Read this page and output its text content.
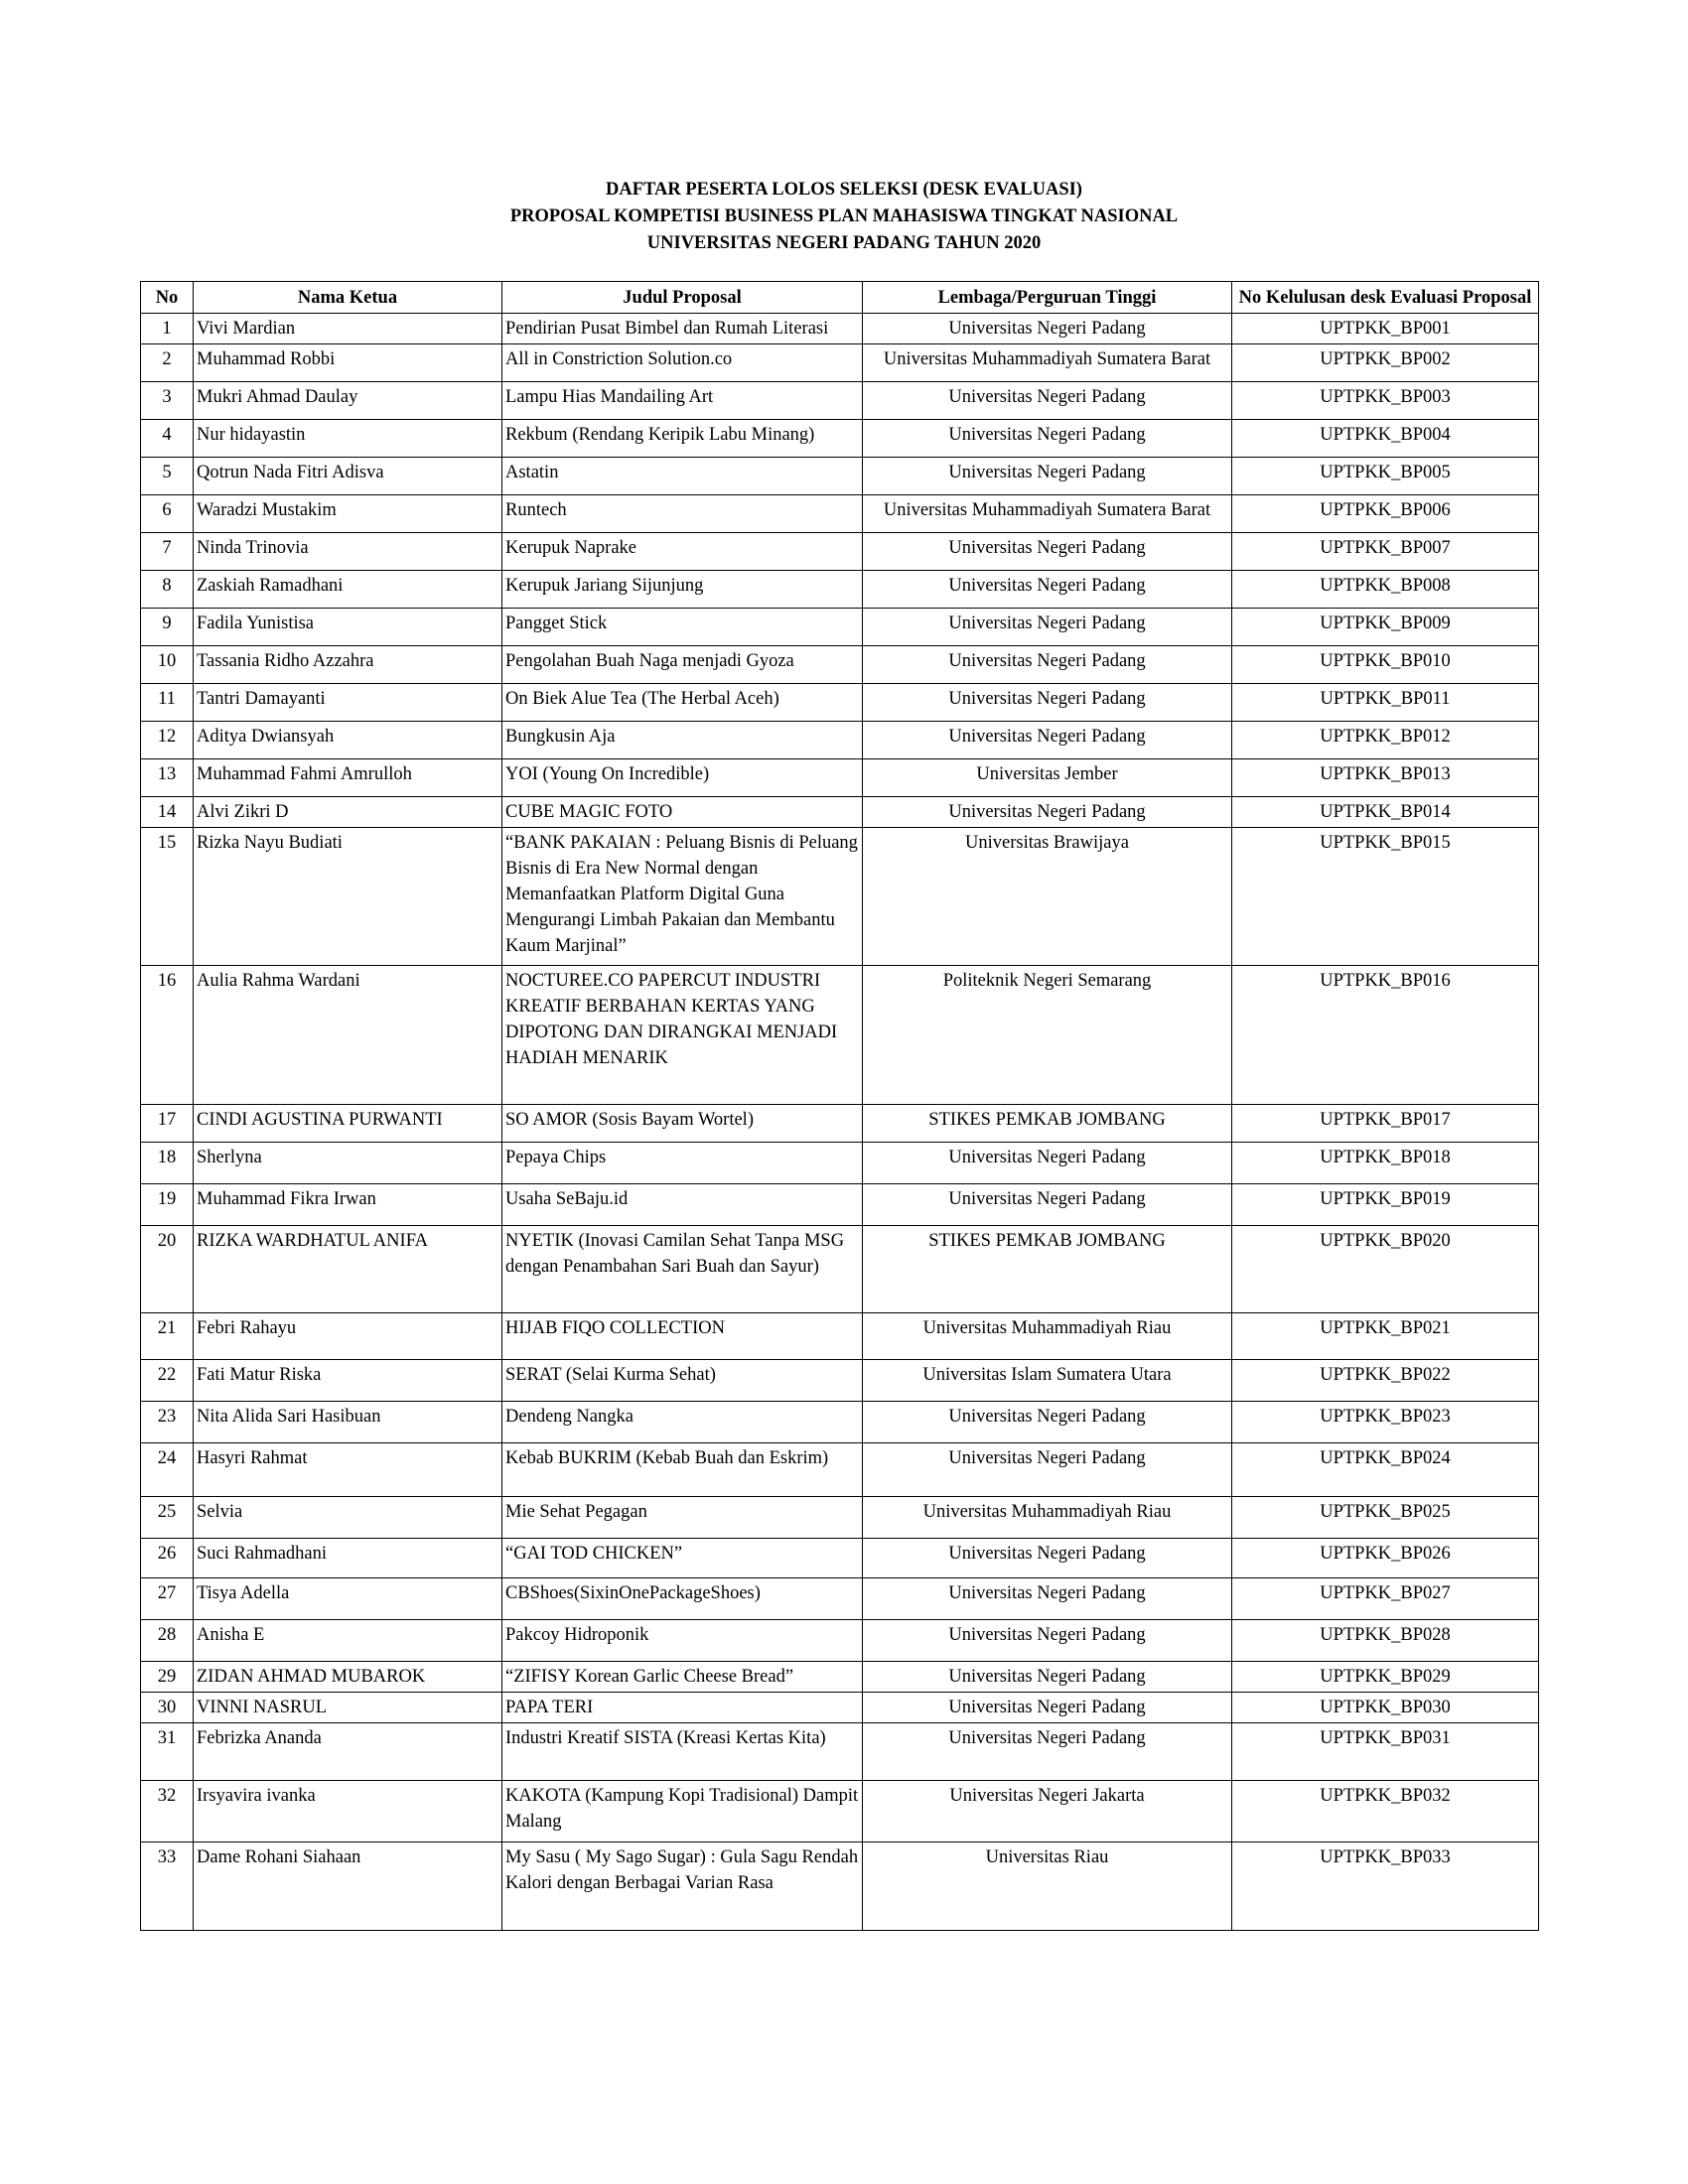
DAFTAR PESERTA LOLOS SELEKSI (DESK EVALUASI)
PROPOSAL KOMPETISI BUSINESS PLAN MAHASISWA TINGKAT NASIONAL
UNIVERSITAS NEGERI PADANG TAHUN 2020
No	Nama Ketua	Judul Proposal	Lembaga/Perguruan Tinggi	No Kelulusan desk Evaluasi Proposal
1	Vivi Mardian	Pendirian Pusat Bimbel dan Rumah Literasi	Universitas Negeri Padang	UPTPKK_BP001
2	Muhammad Robbi	All in Constriction Solution.co	Universitas Muhammadiyah Sumatera Barat	UPTPKK_BP002
3	Mukri Ahmad Daulay	Lampu Hias Mandailing Art	Universitas Negeri Padang	UPTPKK_BP003
4	Nur hidayastin	Rekbum (Rendang Keripik Labu Minang)	Universitas Negeri Padang	UPTPKK_BP004
5	Qotrun Nada Fitri Adisva	Astatin	Universitas Negeri Padang	UPTPKK_BP005
6	Waradzi Mustakim	Runtech	Universitas Muhammadiyah Sumatera Barat	UPTPKK_BP006
7	Ninda Trinovia	Kerupuk Naprake	Universitas Negeri Padang	UPTPKK_BP007
8	Zaskiah Ramadhani	Kerupuk Jariang Sijunjung	Universitas Negeri Padang	UPTPKK_BP008
9	Fadila Yunistisa	Pangget Stick	Universitas Negeri Padang	UPTPKK_BP009
10	Tassania Ridho Azzahra	Pengolahan Buah Naga menjadi Gyoza	Universitas Negeri Padang	UPTPKK_BP010
11	Tantri Damayanti	On Biek Alue Tea (The Herbal Aceh)	Universitas Negeri Padang	UPTPKK_BP011
12	Aditya Dwiansyah	Bungkusin Aja	Universitas Negeri Padang	UPTPKK_BP012
13	Muhammad Fahmi Amrulloh	YOI (Young On Incredible)	Universitas Jember	UPTPKK_BP013
14	Alvi Zikri D	CUBE MAGIC FOTO	Universitas Negeri Padang	UPTPKK_BP014
15	Rizka Nayu Budiati	“BANK PAKAIAN : Peluang Bisnis di Peluang Bisnis di Era New Normal dengan Memanfaatkan Platform Digital Guna Mengurangi Limbah Pakaian dan Membantu Kaum Marjinal”	Universitas Brawijaya	UPTPKK_BP015
16	Aulia Rahma Wardani	NOCTUREE.CO PAPERCUT INDUSTRI KREATIF BERBAHAN KERTAS YANG DIPOTONG DAN DIRANGKAI MENJADI HADIAH MENARIK	Politeknik Negeri Semarang	UPTPKK_BP016
17	CINDI AGUSTINA PURWANTI	SO AMOR (Sosis Bayam Wortel)	STIKES PEMKAB JOMBANG	UPTPKK_BP017
18	Sherlyna	Pepaya Chips	Universitas Negeri Padang	UPTPKK_BP018
19	Muhammad Fikra Irwan	Usaha SeBaju.id	Universitas Negeri Padang	UPTPKK_BP019
20	RIZKA WARDHATUL ANIFA	NYETIK (Inovasi Camilan Sehat Tanpa MSG dengan Penambahan Sari Buah dan Sayur)	STIKES PEMKAB JOMBANG	UPTPKK_BP020
21	Febri Rahayu	HIJAB FIQO COLLECTION	Universitas Muhammadiyah Riau	UPTPKK_BP021
22	Fati Matur Riska	SERAT (Selai Kurma Sehat)	Universitas Islam Sumatera Utara	UPTPKK_BP022
23	Nita Alida Sari Hasibuan	Dendeng Nangka	Universitas Negeri Padang	UPTPKK_BP023
24	Hasyri Rahmat	Kebab BUKRIM (Kebab Buah dan Eskrim)	Universitas Negeri Padang	UPTPKK_BP024
25	Selvia	Mie Sehat Pegagan	Universitas Muhammadiyah Riau	UPTPKK_BP025
26	Suci Rahmadhani	“GAI TOD CHICKEN”	Universitas Negeri Padang	UPTPKK_BP026
27	Tisya Adella	CBShoes(SixinOnePackageShoes)	Universitas Negeri Padang	UPTPKK_BP027
28	Anisha E	Pakcoy Hidroponik	Universitas Negeri Padang	UPTPKK_BP028
29	ZIDAN AHMAD MUBAROK	“ZIFISY Korean Garlic Cheese Bread”	Universitas Negeri Padang	UPTPKK_BP029
30	VINNI NASRUL	PAPA TERI	Universitas Negeri Padang	UPTPKK_BP030
31	Febrizka Ananda	Industri Kreatif SISTA (Kreasi Kertas Kita)	Universitas Negeri Padang	UPTPKK_BP031
32	Irsyavira ivanka	KAKOTA (Kampung Kopi Tradisional) Dampit Malang	Universitas Negeri Jakarta	UPTPKK_BP032
33	Dame Rohani Siahaan	My Sasu ( My Sago Sugar) : Gula Sagu Rendah Kalori dengan Berbagai Varian Rasa	Universitas Riau	UPTPKK_BP033
